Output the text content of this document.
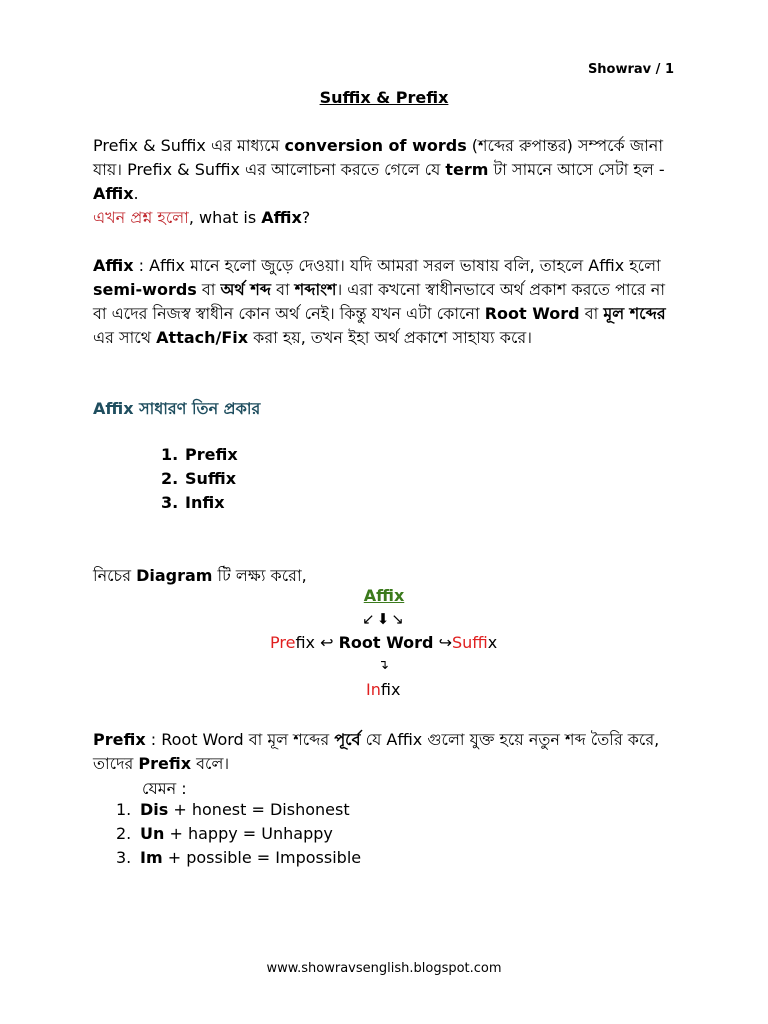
Showrav / 1
Suffix & Prefix
Prefix & Suffix এর মাধ্যমে conversion of words (শব্দের রুপান্তর) সম্পর্কে জানা যায়। Prefix & Suffix এর আলোচনা করতে গেলে যে term টা সামনে আসে সেটা হল - Affix.
এখন প্রশ্ন হলো, what is Affix?
Affix : Affix মানে হলো জুড়ে দেওয়া। যদি আমরা সরল ভাষায় বলি, তাহলে Affix হলো semi-words বা অর্থ শব্দ বা শব্দাংশ। এরা কখনো স্বাধীনভাবে অর্থ প্রকাশ করতে পারে না বা এদের নিজস্ব স্বাধীন কোন অর্থ নেই। কিন্তু যখন এটা কোনো Root Word বা মূল শব্দের এর সাথে Attach/Fix করা হয়, তখন ইহা অর্থ প্রকাশে সাহায্য করে।
Affix সাধারণ তিন প্রকার
1. Prefix
2. Suffix
3. Infix
নিচের Diagram টি লক্ষ্য করো,
Affix
↙⬇↘
Prefix ↩ Root Word ↪Suffix
↴
Infix
Prefix : Root Word বা মূল শব্দের পূর্বে যে Affix গুলো যুক্ত হয়ে নতুন শব্দ তৈরি করে, তাদের Prefix বলে।
যেমন :
1. Dis + honest = Dishonest
2. Un + happy = Unhappy
3. Im + possible = Impossible
www.showravsenglish.blogspot.com
